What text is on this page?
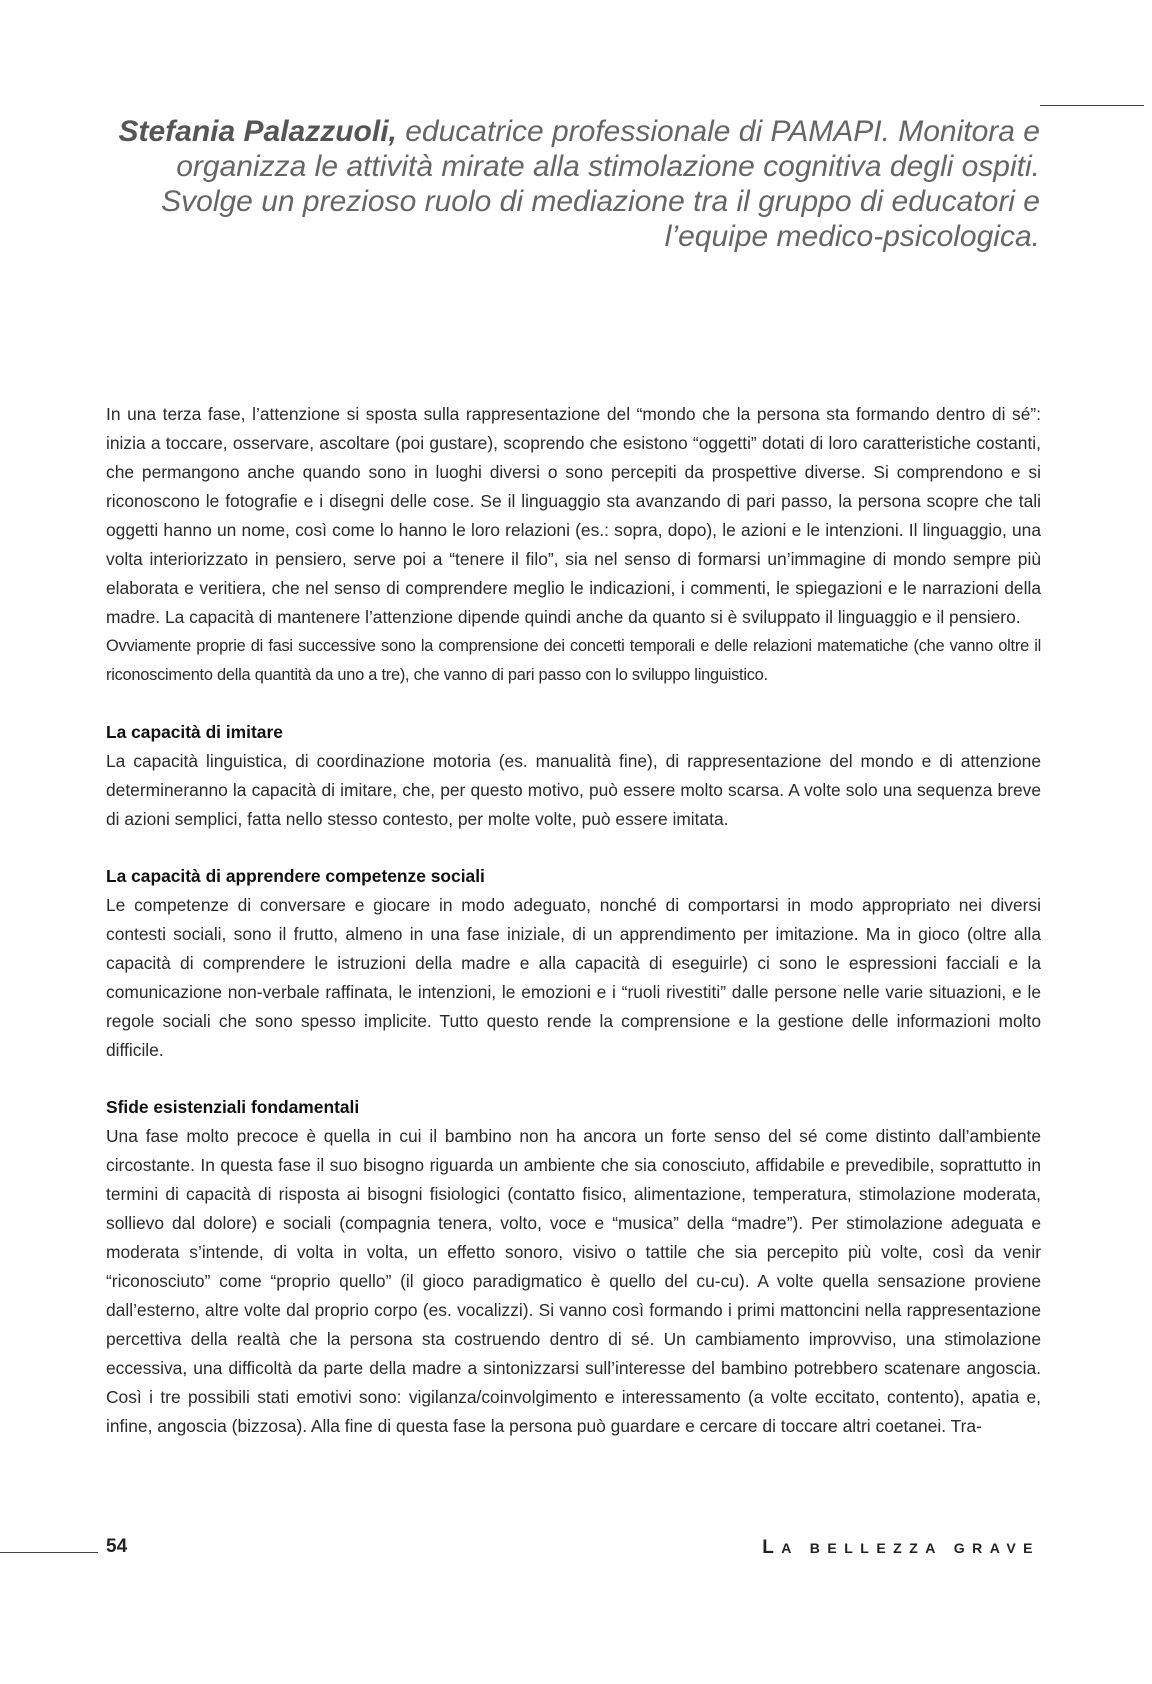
Stefania Palazzuoli, educatrice professionale di PAMAPI. Monitora e organizza le attività mirate alla stimolazione cognitiva degli ospiti. Svolge un prezioso ruolo di mediazione tra il gruppo di educatori e l’equipe medico-psicologica.

In una terza fase, l’attenzione si sposta sulla rappresentazione del “mondo che la persona sta formando dentro di sé”: inizia a toccare, osservare, ascoltare (poi gustare), scoprendo che esistono “oggetti” dotati di loro caratteristiche costanti, che permangono anche quando sono in luoghi diversi o sono percepiti da prospettive diverse. Si comprendono e si riconoscono le fotografie e i disegni delle cose. Se il linguaggio sta avanzando di pari passo, la persona scopre che tali oggetti hanno un nome, così come lo hanno le loro relazioni (es.: sopra, dopo), le azioni e le intenzioni. Il linguaggio, una volta interiorizzato in pensiero, serve poi a “tenere il filo”, sia nel senso di formarsi un’immagine di mondo sempre più elaborata e veritiera, che nel senso di comprendere meglio le indicazioni, i commenti, le spiegazioni e le narrazioni della madre. La capacità di mantenere l’attenzione dipende quindi anche da quanto si è sviluppato il linguaggio e il pensiero.

Ovviamente proprie di fasi successive sono la comprensione dei concetti temporali e delle relazioni matematiche (che vanno oltre il riconoscimento della quantità da uno a tre), che vanno di pari passo con lo sviluppo linguistico.

La capacità di imitare

La capacità linguistica, di coordinazione motoria (es. manualità fine), di rappresentazione del mondo e di attenzione determineranno la capacità di imitare, che, per questo motivo, può essere molto scarsa. A volte solo una sequenza breve di azioni semplici, fatta nello stesso contesto, per molte volte, può essere imitata.

La capacità di apprendere competenze sociali

Le competenze di conversare e giocare in modo adeguato, nonché di comportarsi in modo appropriato nei diversi contesti sociali, sono il frutto, almeno in una fase iniziale, di un apprendimento per imitazione. Ma in gioco (oltre alla capacità di comprendere le istruzioni della madre e alla capacità di eseguirle) ci sono le espressioni facciali e la comunicazione non-verbale raffinata, le intenzioni, le emozioni e i “ruoli rivestiti” dalle persone nelle varie situazioni, e le regole sociali che sono spesso implicite. Tutto questo rende la comprensione e la gestione delle informazioni molto difficile.

Sfide esistenziali fondamentali

Una fase molto precoce è quella in cui il bambino non ha ancora un forte senso del sé come distinto dall’ambiente circostante. In questa fase il suo bisogno riguarda un ambiente che sia conosciuto, affidabile e prevedibile, soprattutto in termini di capacità di risposta ai bisogni fisiologici (contatto fisico, alimentazione, temperatura, stimolazione moderata, sollievo dal dolore) e sociali (compagnia tenera, volto, voce e “musica” della “madre”). Per stimolazione adeguata e moderata s’intende, di volta in volta, un effetto sonoro, visivo o tattile che sia percepito più volte, così da venir “riconosciuto” come “proprio quello” (il gioco paradigmatico è quello del cu-cu). A volte quella sensazione proviene dall’esterno, altre volte dal proprio corpo (es. vocalizzi). Si vanno così formando i primi mattoncini nella rappresentazione percettiva della realtà che la persona sta costruendo dentro di sé. Un cambiamento improvviso, una stimolazione eccessiva, una difficoltà da parte della madre a sintonizzarsi sull’interesse del bambino potrebbero scatenare angoscia. Così i tre possibili stati emotivi sono: vigilanza/coinvolgimento e interessamento (a volte eccitato, contento), apatia e, infine, angoscia (bizzosa). Alla fine di questa fase la persona può guardare e cercare di toccare altri coetanei. Tra-

54	LA BELLEZZA GRAVE
